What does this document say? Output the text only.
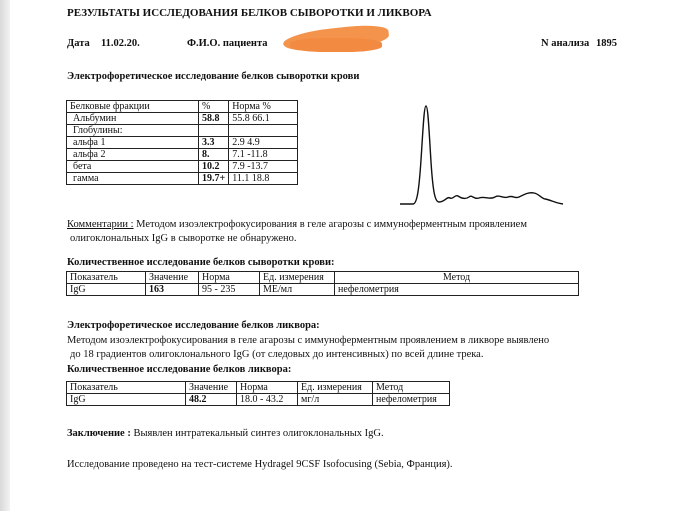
РЕЗУЛЬТАТЫ ИССЛЕДОВАНИЯ БЕЛКОВ СЫВОРОТКИ И ЛИКВОРА
Дата 11.02.20.	Ф.И.О. пациента	N анализа 1895
Электрофоретическое исследование белков сыворотки крови
Белковые фракции	%	Норма %
Альбумин	58.8	55.8 66.1
Глобулины:		
альфа 1	3.3	2.9 4.9
альфа 2	8.	7.1 -11.8
бета	10.2	7.9 -13.7
гамма	19.7+	11.1 18.8
Комментарии : Методом изоэлектрофокусирования в геле агарозы с иммуноферментным проявлением
олигоклональных IgG в сыворотке не обнаружено.
Количественное исследование белков сыворотки крови:
Показатель	Значение	Норма	Ед. измерения	Метод
IgG	163	95 - 235	МЕ/мл	нефелометрия
Электрофоретическое исследование белков ликвора:
Методом изоэлектрофокусирования в геле агарозы с иммуноферментным проявлением в ликворе выявлено
до 18 градиентов олигоклонального IgG (от следовых до интенсивных) по всей длине трека.
Количественное исследование белков ликвора:
Показатель	Значение	Норма	Ед. измерения	Метод
IgG	48.2	18.0 - 43.2	мг/л	нефелометрия
Заключение : Выявлен интратекальный синтез олигоклональных IgG.
Исследование проведено на тест-системе Hydragel 9CSF Isofocusing (Sebia, Франция).
